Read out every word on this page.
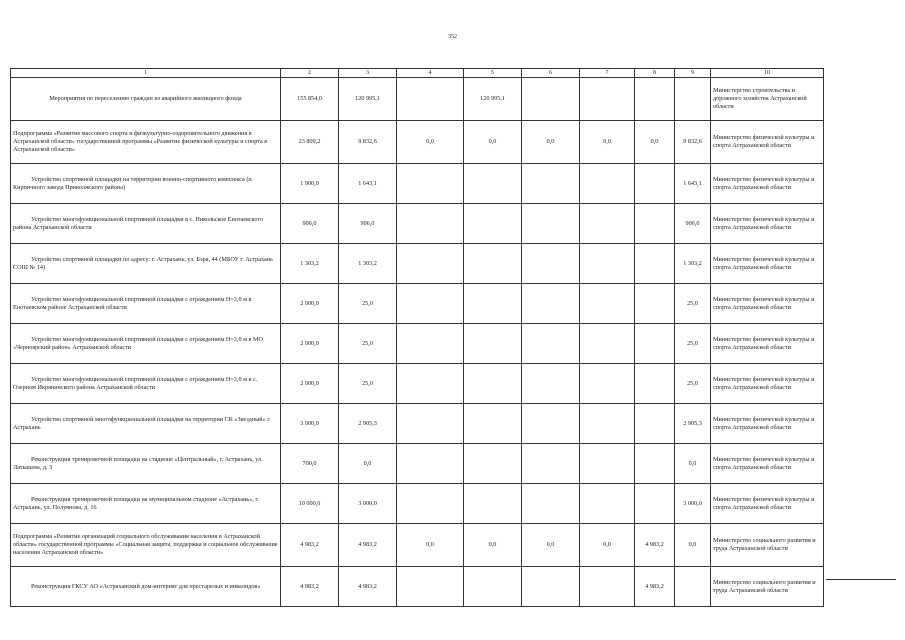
352
1	2	3	4	5	6	7	8	9	10
Мероприятия по переселению граждан из аварийного жилищного фонда	155 854,0	120 995,1		120 995,1					Министерство строительства и дорожного хозяйства Астраханской области
Подпрограмма «Развитие массового спорта и физкультурно-оздоровительного движения в Астраханской области» государственной программы «Развитие физической культуры и спорта в Астраханской области»	23 809,2	9 832,6	0,0	0,0	0,0	0,0	0,0	9 832,6	Министерство физической культуры и спорта Астраханской области
Устройство спортивной площадки на территории военно-спортивного комплекса (п. Кирпичного завода Приволжского района)	1 900,0	1 643,1						1 643,1	Министерство физической культуры и спорта Астраханской области
Устройство многофункциональной спортивной площадки в с. Никольское Енотаевского района Астраханской области	906,0	906,0						906,0	Министерство физической культуры и спорта Астраханской области
Устройство спортивной площадки по адресу: г. Астрахань, ул. Бэра, 44 (МБОУ г. Астрахань СОШ № 14)	1 303,2	1 303,2						1 303,2	Министерство физической культуры и спорта Астраханской области
Устройство многофункциональной спортивной площадки с ограждением Н=3,0 м в Енотаевском районе Астраханской области	2 000,0	25,0						25,0	Министерство физической культуры и спорта Астраханской области
Устройство многофункциональной спортивной площадки с ограждением Н=3,0 м в МО «Черноярский район» Астраханской области	2 000,0	25,0						25,0	Министерство физической культуры и спорта Астраханской области
Устройство многофункциональной спортивной площадки с ограждением Н=3,0 м в с. Озерном Икрянинского района Астраханской области	2 000,0	25,0						25,0	Министерство физической культуры и спорта Астраханской области
Устройство спортивной многофункциональной площадки на территории СК «Звездный» г. Астрахань	3 000,0	2 905,3						2 905,3	Министерство физической культуры и спорта Астраханской области
Реконструкция тренировочной площадки на стадионе «Центральный», г. Астрахань, ул. Латышева, д. 3	700,0	0,0						0,0	Министерство физической культуры и спорта Астраханской области
Реконструкция тренировочной площадки на муниципальном стадионе «Астрахань», г. Астрахань, ул. Полуянова, д. 16	10 000,0	3 000,0						3 000,0	Министерство физической культуры и спорта Астраханской области
Подпрограмма «Развитие организаций социального обслуживания населения в Астраханской области» государственной программы «Социальная защита, поддержка и социальное обслуживание населения Астраханской области»	4 983,2	4 983,2	0,0	0,0	0,0	0,0	4 983,2	0,0	Министерство социального развития и труда Астраханской области
Реконструкция ГКСУ АО «Астраханский дом-интернат для престарелых и инвалидов»	4 983,2	4 983,2					4 983,2		Министерство социального развития и труда Астраханской области
